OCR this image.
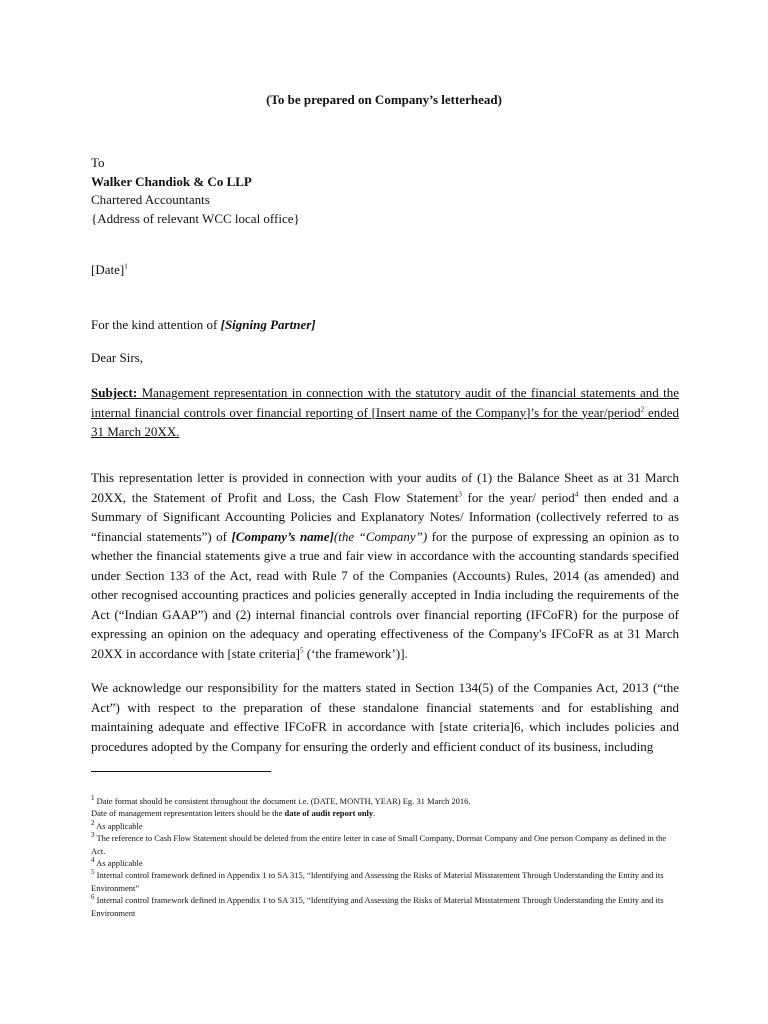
(To be prepared on Company’s letterhead)
To
Walker Chandiok & Co LLP
Chartered Accountants
{Address of relevant WCC local office}
[Date]$^1$
For the kind attention of [Signing Partner]
Dear Sirs,
Subject: Management representation in connection with the statutory audit of the financial statements and the internal financial controls over financial reporting of [Insert name of the Company]’s for the year/period$^2$ ended 31 March 20XX.
This representation letter is provided in connection with your audits of (1) the Balance Sheet as at 31 March 20XX, the Statement of Profit and Loss, the Cash Flow Statement$^3$ for the year/ period$^4$ then ended and a Summary of Significant Accounting Policies and Explanatory Notes/ Information (collectively referred to as “financial statements”) of [Company’s name](the “Company”) for the purpose of expressing an opinion as to whether the financial statements give a true and fair view in accordance with the accounting standards specified under Section 133 of the Act, read with Rule 7 of the Companies (Accounts) Rules, 2014 (as amended) and other recognised accounting practices and policies generally accepted in India including the requirements of the Act (“Indian GAAP”) and (2) internal financial controls over financial reporting (IFCoFR) for the purpose of expressing an opinion on the adequacy and operating effectiveness of the Company's IFCoFR as at 31 March 20XX in accordance with [state criteria]$^5$ (‘the framework’)].
We acknowledge our responsibility for the matters stated in Section 134(5) of the Companies Act, 2013 (“the Act”) with respect to the preparation of these standalone financial statements and for establishing and maintaining adequate and effective IFCoFR in accordance with [state criteria]6, which includes policies and procedures adopted by the Company for ensuring the orderly and efficient conduct of its business, including
$^1$ Date format should be consistent throughout the document i.e. (DATE, MONTH, YEAR) Eg. 31 March 2016.
Date of management representation letters should be the date of audit report only.
$^2$ As applicable
$^3$ The reference to Cash Flow Statement should be deleted from the entire letter in case of Small Company, Dormat Company and One person Company as defined in the Act.
$^4$ As applicable
$^5$ Internal control framework defined in Appendix 1 to SA 315, “Identifying and Assessing the Risks of Material Misstatement Through Understanding the Entity and its Environment”
$^6$ Internal control framework defined in Appendix 1 to SA 315, “Identifying and Assessing the Risks of Material Misstatement Through Understanding the Entity and its Environment
